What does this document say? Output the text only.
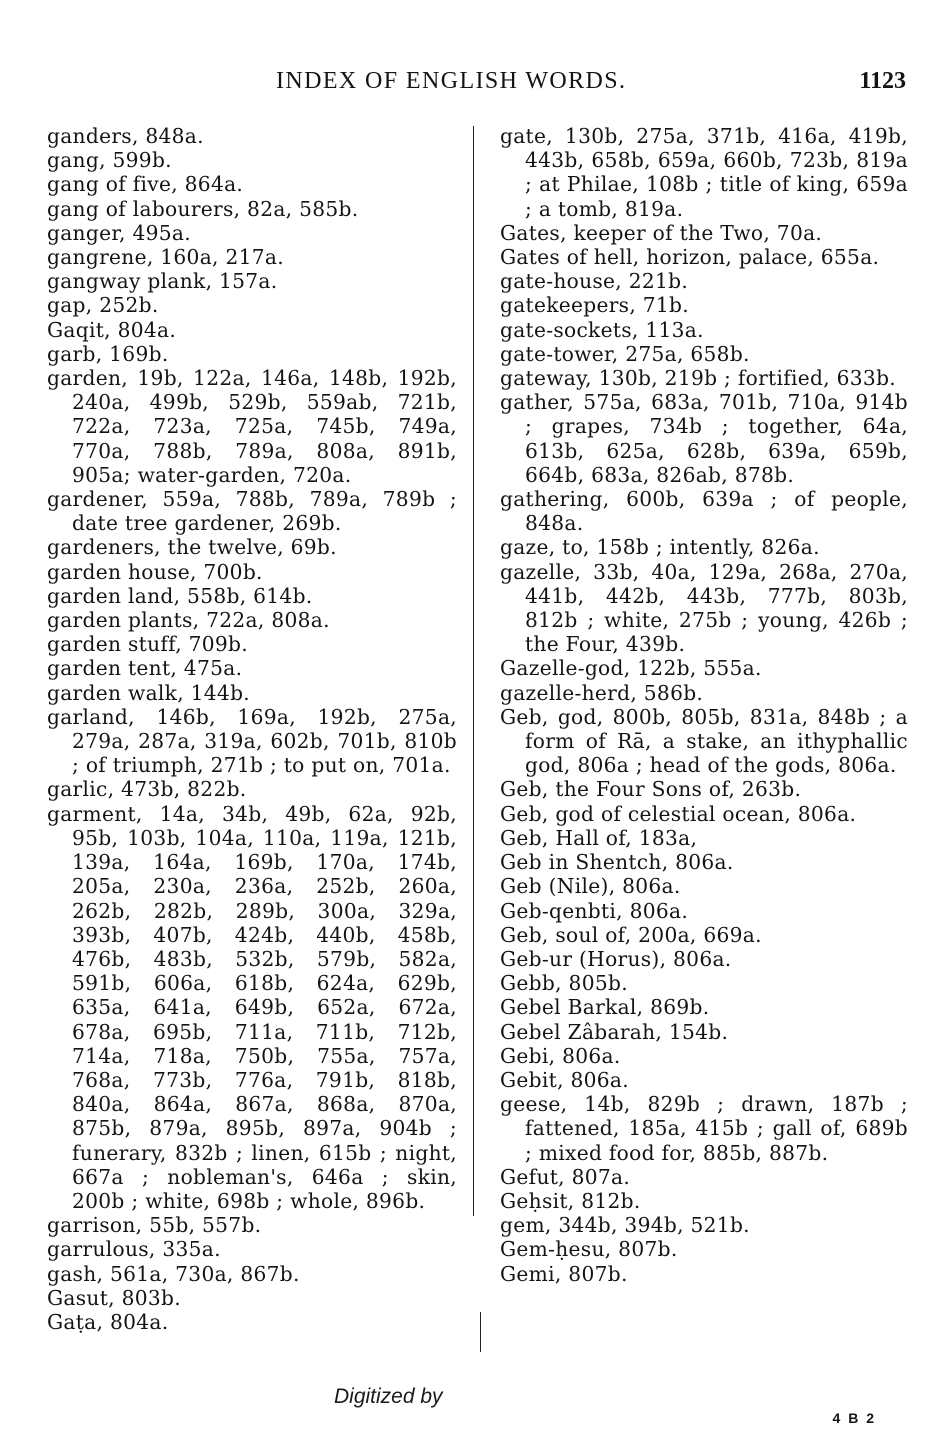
INDEX OF ENGLISH WORDS.	1123
ganders, 848a.
gang, 599b.
gang of five, 864a.
gang of labourers, 82a, 585b.
ganger, 495a.
gangrene, 160a, 217a.
gangway plank, 157a.
gap, 252b.
Gaqit, 804a.
garb, 169b.
garden, 19b, 122a, 146a, 148b, 192b, 240a, 499b, 529b, 559ab, 721b, 722a, 723a, 725a, 745b, 749a, 770a, 788b, 789a, 808a, 891b, 905a; water-garden, 720a.
gardener, 559a, 788b, 789a, 789b ; date tree gardener, 269b.
gardeners, the twelve, 69b.
garden house, 700b.
garden land, 558b, 614b.
garden plants, 722a, 808a.
garden stuff, 709b.
garden tent, 475a.
garden walk, 144b.
garland, 146b, 169a, 192b, 275a, 279a, 287a, 319a, 602b, 701b, 810b ; of triumph, 271b ; to put on, 701a.
garlic, 473b, 822b.
garment, 14a, 34b, 49b, 62a, 92b, 95b, 103b, 104a, 110a, 119a, 121b, 139a, 164a, 169b, 170a, 174b, 205a, 230a, 236a, 252b, 260a, 262b, 282b, 289b, 300a, 329a, 393b, 407b, 424b, 440b, 458b, 476b, 483b, 532b, 579b, 582a, 591b, 606a, 618b, 624a, 629b, 635a, 641a, 649b, 652a, 672a, 678a, 695b, 711a, 711b, 712b, 714a, 718a, 750b, 755a, 757a, 768a, 773b, 776a, 791b, 818b, 840a, 864a, 867a, 868a, 870a, 875b, 879a, 895b, 897a, 904b ; funerary, 832b ; linen, 615b ; night, 667a ; nobleman's, 646a ; skin, 200b ; white, 698b ; whole, 896b.
garrison, 55b, 557b.
garrulous, 335a.
gash, 561a, 730a, 867b.
Gasut, 803b.
Gaṭa, 804a.
gate, 130b, 275a, 371b, 416a, 419b, 443b, 658b, 659a, 660b, 723b, 819a ; at Philae, 108b ; title of king, 659a ; a tomb, 819a.
Gates, keeper of the Two, 70a.
Gates of hell, horizon, palace, 655a.
gate-house, 221b.
gatekeepers, 71b.
gate-sockets, 113a.
gate-tower, 275a, 658b.
gateway, 130b, 219b ; fortified, 633b.
gather, 575a, 683a, 701b, 710a, 914b ; grapes, 734b ; together, 64a, 613b, 625a, 628b, 639a, 659b, 664b, 683a, 826ab, 878b.
gathering, 600b, 639a ; of people, 848a.
gaze, to, 158b ; intently, 826a.
gazelle, 33b, 40a, 129a, 268a, 270a, 441b, 442b, 443b, 777b, 803b, 812b ; white, 275b ; young, 426b ; the Four, 439b.
Gazelle-god, 122b, 555a.
gazelle-herd, 586b.
Geb, god, 800b, 805b, 831a, 848b ; a form of Rā, a stake, an ithyphallic god, 806a ; head of the gods, 806a.
Geb, the Four Sons of, 263b.
Geb, god of celestial ocean, 806a.
Geb, Hall of, 183a,
Geb in Shentch, 806a.
Geb (Nile), 806a.
Geb-qenbti, 806a.
Geb, soul of, 200a, 669a.
Geb-ur (Horus), 806a.
Gebb, 805b.
Gebel Barkal, 869b.
Gebel Zâbarah, 154b.
Gebi, 806a.
Gebit, 806a.
geese, 14b, 829b ; drawn, 187b ; fattened, 185a, 415b ; gall of, 689b ; mixed food for, 885b, 887b.
Gefut, 807a.
Geḥsit, 812b.
gem, 344b, 394b, 521b.
Gem-ḥesu, 807b.
Gemi, 807b.
Digitized by
4 B 2
